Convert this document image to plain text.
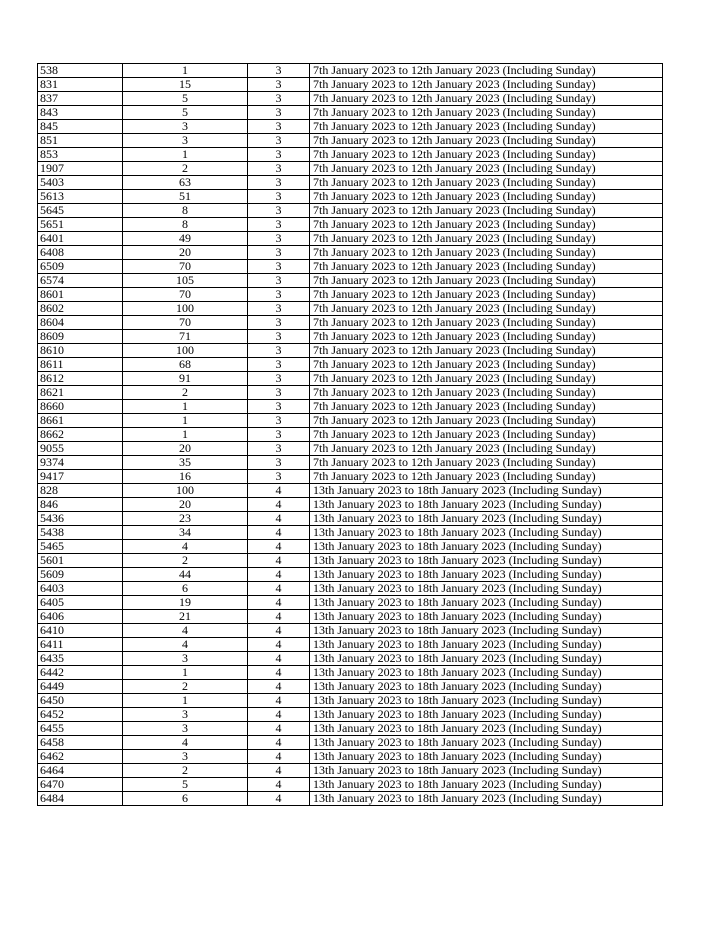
538	1	3	7th January 2023 to 12th January 2023 (Including Sunday)
831	15	3	7th January 2023 to 12th January 2023 (Including Sunday)
837	5	3	7th January 2023 to 12th January 2023 (Including Sunday)
843	5	3	7th January 2023 to 12th January 2023 (Including Sunday)
845	3	3	7th January 2023 to 12th January 2023 (Including Sunday)
851	3	3	7th January 2023 to 12th January 2023 (Including Sunday)
853	1	3	7th January 2023 to 12th January 2023 (Including Sunday)
1907	2	3	7th January 2023 to 12th January 2023 (Including Sunday)
5403	63	3	7th January 2023 to 12th January 2023 (Including Sunday)
5613	51	3	7th January 2023 to 12th January 2023 (Including Sunday)
5645	8	3	7th January 2023 to 12th January 2023 (Including Sunday)
5651	8	3	7th January 2023 to 12th January 2023 (Including Sunday)
6401	49	3	7th January 2023 to 12th January 2023 (Including Sunday)
6408	20	3	7th January 2023 to 12th January 2023 (Including Sunday)
6509	70	3	7th January 2023 to 12th January 2023 (Including Sunday)
6574	105	3	7th January 2023 to 12th January 2023 (Including Sunday)
8601	70	3	7th January 2023 to 12th January 2023 (Including Sunday)
8602	100	3	7th January 2023 to 12th January 2023 (Including Sunday)
8604	70	3	7th January 2023 to 12th January 2023 (Including Sunday)
8609	71	3	7th January 2023 to 12th January 2023 (Including Sunday)
8610	100	3	7th January 2023 to 12th January 2023 (Including Sunday)
8611	68	3	7th January 2023 to 12th January 2023 (Including Sunday)
8612	91	3	7th January 2023 to 12th January 2023 (Including Sunday)
8621	2	3	7th January 2023 to 12th January 2023 (Including Sunday)
8660	1	3	7th January 2023 to 12th January 2023 (Including Sunday)
8661	1	3	7th January 2023 to 12th January 2023 (Including Sunday)
8662	1	3	7th January 2023 to 12th January 2023 (Including Sunday)
9055	20	3	7th January 2023 to 12th January 2023 (Including Sunday)
9374	35	3	7th January 2023 to 12th January 2023 (Including Sunday)
9417	16	3	7th January 2023 to 12th January 2023 (Including Sunday)
828	100	4	13th January 2023 to 18th January 2023 (Including Sunday)
846	20	4	13th January 2023 to 18th January 2023 (Including Sunday)
5436	23	4	13th January 2023 to 18th January 2023 (Including Sunday)
5438	34	4	13th January 2023 to 18th January 2023 (Including Sunday)
5465	4	4	13th January 2023 to 18th January 2023 (Including Sunday)
5601	2	4	13th January 2023 to 18th January 2023 (Including Sunday)
5609	44	4	13th January 2023 to 18th January 2023 (Including Sunday)
6403	6	4	13th January 2023 to 18th January 2023 (Including Sunday)
6405	19	4	13th January 2023 to 18th January 2023 (Including Sunday)
6406	21	4	13th January 2023 to 18th January 2023 (Including Sunday)
6410	4	4	13th January 2023 to 18th January 2023 (Including Sunday)
6411	4	4	13th January 2023 to 18th January 2023 (Including Sunday)
6435	3	4	13th January 2023 to 18th January 2023 (Including Sunday)
6442	1	4	13th January 2023 to 18th January 2023 (Including Sunday)
6449	2	4	13th January 2023 to 18th January 2023 (Including Sunday)
6450	1	4	13th January 2023 to 18th January 2023 (Including Sunday)
6452	3	4	13th January 2023 to 18th January 2023 (Including Sunday)
6455	3	4	13th January 2023 to 18th January 2023 (Including Sunday)
6458	4	4	13th January 2023 to 18th January 2023 (Including Sunday)
6462	3	4	13th January 2023 to 18th January 2023 (Including Sunday)
6464	2	4	13th January 2023 to 18th January 2023 (Including Sunday)
6470	5	4	13th January 2023 to 18th January 2023 (Including Sunday)
6484	6	4	13th January 2023 to 18th January 2023 (Including Sunday)
